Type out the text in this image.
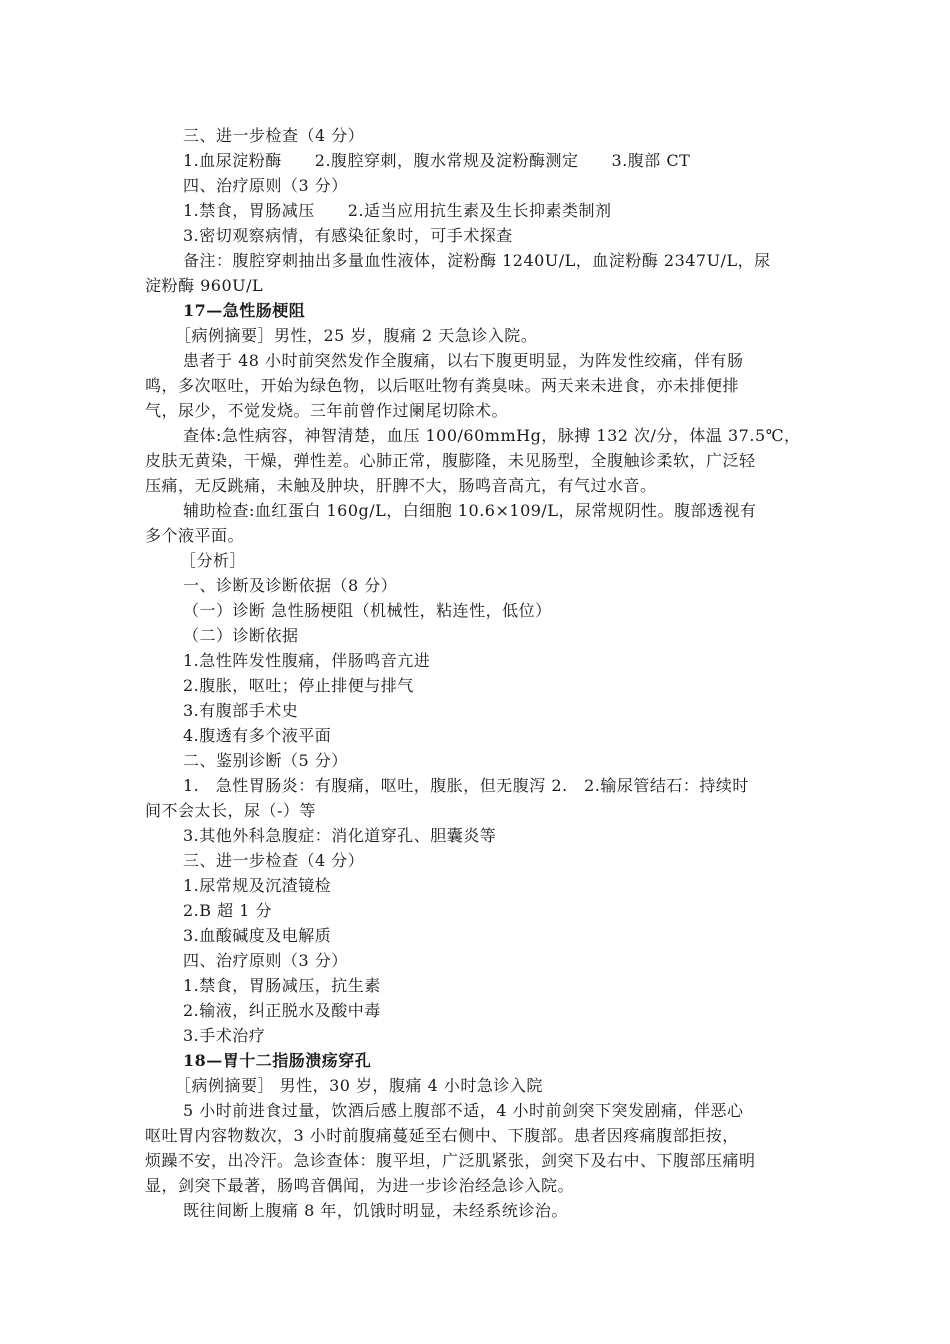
三、进一步检查（4 分）
1.血尿淀粉酶　　2.腹腔穿刺，腹水常规及淀粉酶测定　　3.腹部 CT
四、治疗原则（3 分）
1.禁食，胃肠减压　　2.适当应用抗生素及生长抑素类制剂
3.密切观察病情，有感染征象时，可手术探查
备注：腹腔穿刺抽出多量血性液体，淀粉酶 1240U/L，血淀粉酶 2347U/L，尿
淀粉酶 960U/L
17—急性肠梗阻
［病例摘要］男性，25 岁，腹痛 2 天急诊入院。
患者于 48 小时前突然发作全腹痛，以右下腹更明显，为阵发性绞痛，伴有肠
鸣，多次呕吐，开始为绿色物，以后呕吐物有粪臭味。两天来未进食，亦未排便排
气，尿少，不觉发烧。三年前曾作过阑尾切除术。
查体:急性病容，神智清楚，血压 100/60mmHg，脉搏 132 次/分，体温 37.5℃，
皮肤无黄染，干燥，弹性差。心肺正常，腹膨隆，未见肠型，全腹触诊柔软，广泛轻
压痛，无反跳痛，未触及肿块，肝脾不大，肠鸣音高亢，有气过水音。
辅助检查:血红蛋白 160g/L，白细胞 10.6×109/L，尿常规阴性。腹部透视有
多个液平面。
［分析］
一、诊断及诊断依据（8 分）
（一）诊断 急性肠梗阻（机械性，粘连性，低位）
（二）诊断依据
1.急性阵发性腹痛，伴肠鸣音亢进
2.腹胀，呕吐；停止排便与排气
3.有腹部手术史
4.腹透有多个液平面
二、鉴别诊断（5 分）
1.　急性胃肠炎：有腹痛，呕吐，腹胀，但无腹泻 2.　2.输尿管结石：持续时
间不会太长，尿（-）等
3.其他外科急腹症：消化道穿孔、胆囊炎等
三、进一步检查（4 分）
1.尿常规及沉渣镜检
2.B 超 1 分
3.血酸碱度及电解质
四、治疗原则（3 分）
1.禁食，胃肠减压，抗生素
2.输液，纠正脱水及酸中毒
3.手术治疗
18—胃十二指肠溃疡穿孔
［病例摘要］ 男性，30 岁，腹痛 4 小时急诊入院
5 小时前进食过量，饮酒后感上腹部不适，4 小时前剑突下突发剧痛，伴恶心
呕吐胃内容物数次，3 小时前腹痛蔓延至右侧中、下腹部。患者因疼痛腹部拒按，
烦躁不安，出冷汗。急诊查体：腹平坦，广泛肌紧张，剑突下及右中、下腹部压痛明
显，剑突下最著，肠鸣音偶闻，为进一步诊治经急诊入院。
既往间断上腹痛 8 年，饥饿时明显，未经系统诊治。
